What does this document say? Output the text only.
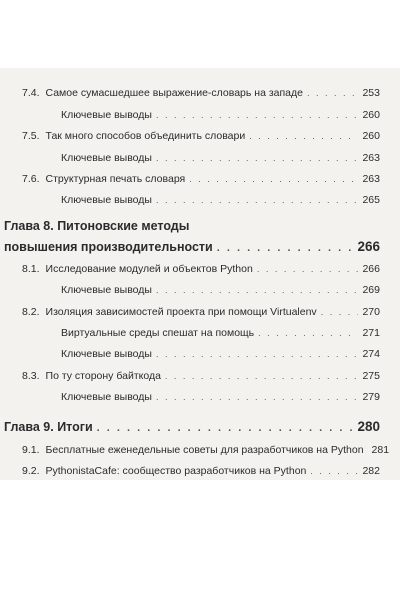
7.4. Самое сумасшедшее выражение-словарь на западе . . .	253
Ключевые выводы . . .	260
7.5. Так много способов объединить словари . . .	260
Ключевые выводы . . .	263
7.6. Структурная печать словаря . . .	263
Ключевые выводы . . .	265
Глава 8. Питоновские методы
повышения производительности . . .	266
8.1. Исследование модулей и объектов Python . . .	266
Ключевые выводы . . .	269
8.2. Изоляция зависимостей проекта при помощи Virtualenv . . .	270
Виртуальные среды спешат на помощь . . .	271
Ключевые выводы . . .	274
8.3. По ту сторону байткода . . .	275
Ключевые выводы . . .	279
Глава 9. Итоги . . .	280
9.1. Бесплатные еженедельные советы для разработчиков на Python 281
9.2. PythonistaCafe: сообщество разработчиков на Python . . .	282
